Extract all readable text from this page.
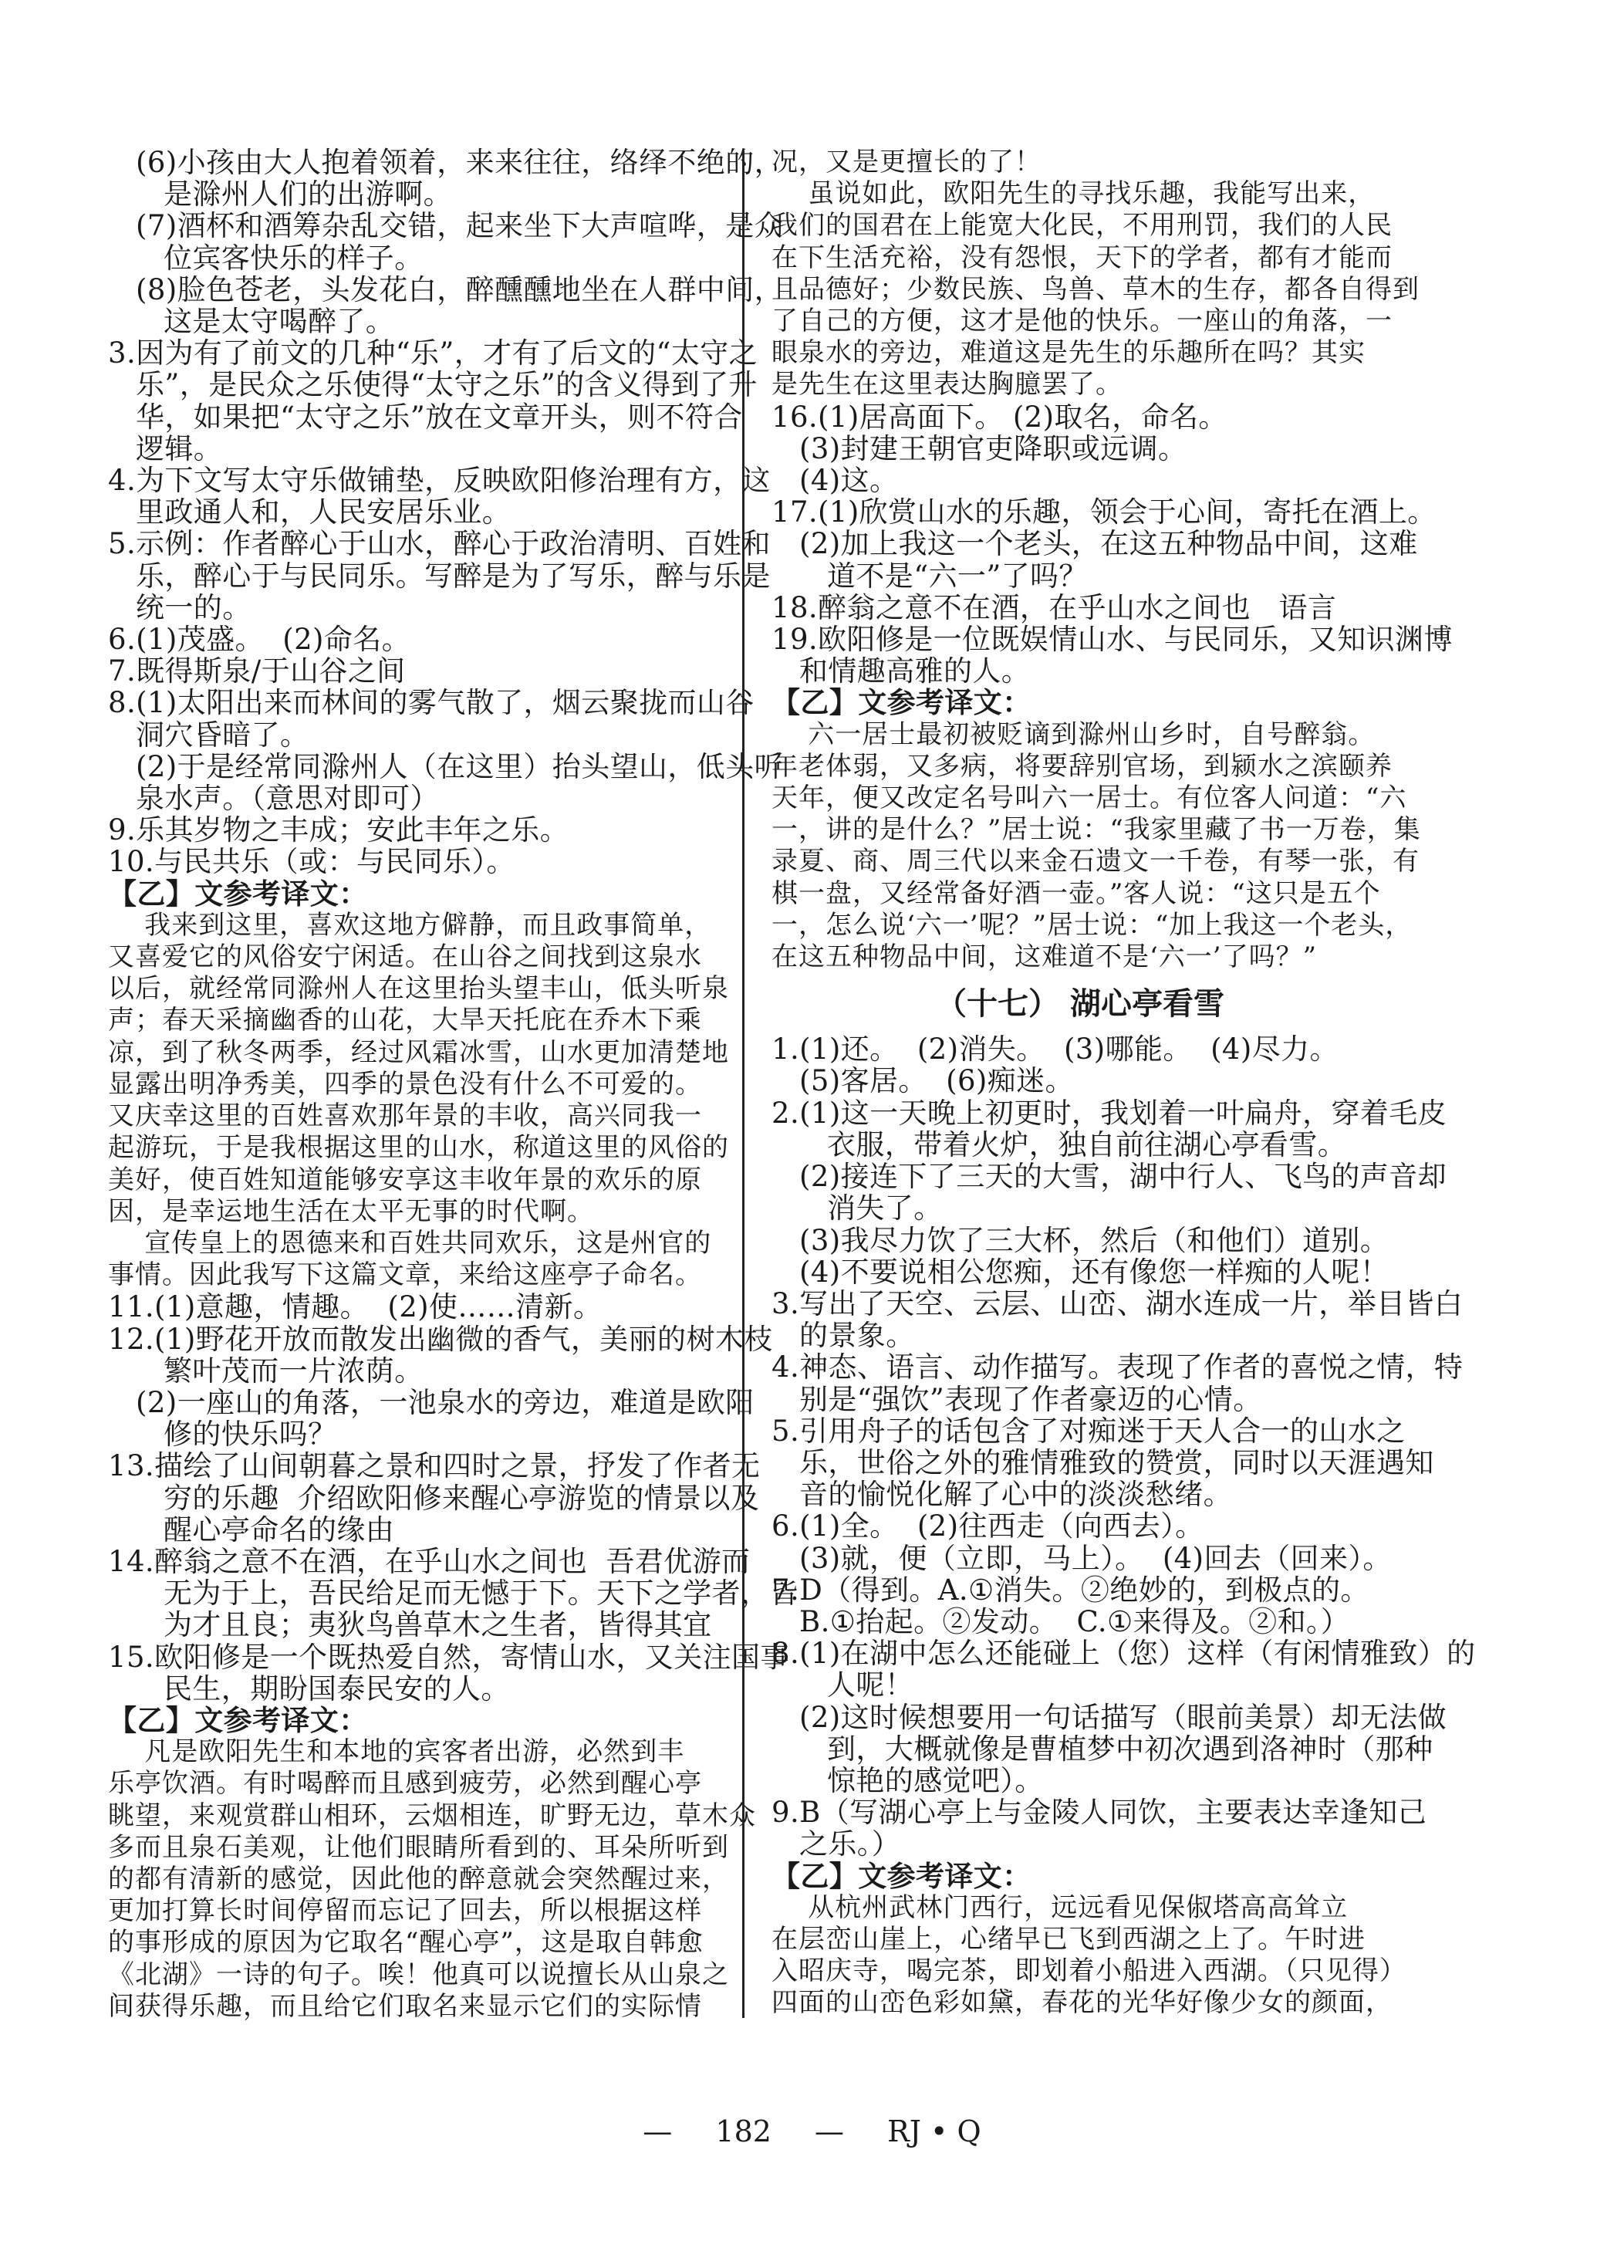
(6)小孩由大人抱着领着，来来往往，络绎不绝的，
是滁州人们的出游啊。
(7)酒杯和酒筹杂乱交错，起来坐下大声喧哗，是众
位宾客快乐的样子。
(8)脸色苍老，头发花白，醉醺醺地坐在人群中间，
这是太守喝醉了。
3.因为有了前文的几种“乐”，才有了后文的“太守之
乐”，是民众之乐使得“太守之乐”的含义得到了升
华，如果把“太守之乐”放在文章开头，则不符合
逻辑。
4.为下文写太守乐做铺垫，反映欧阳修治理有方，这
里政通人和，人民安居乐业。
5.示例：作者醉心于山水，醉心于政治清明、百姓和
乐，醉心于与民同乐。写醉是为了写乐，醉与乐是
统一的。
6.(1)茂盛。  (2)命名。
7.既得斯泉/于山谷之间
8.(1)太阳出来而林间的雾气散了，烟云聚拢而山谷
洞穴昏暗了。
(2)于是经常同滁州人（在这里）抬头望山，低头听
泉水声。（意思对即可）
9.乐其岁物之丰成；安此丰年之乐。
10.与民共乐（或：与民同乐）。
【乙】文参考译文：
我来到这里，喜欢这地方僻静，而且政事简单，
又喜爱它的风俗安宁闲适。在山谷之间找到这泉水
以后，就经常同滁州人在这里抬头望丰山，低头听泉
声；春天采摘幽香的山花，大旱天托庇在乔木下乘
凉，到了秋冬两季，经过风霜冰雪，山水更加清楚地
显露出明净秀美，四季的景色没有什么不可爱的。
又庆幸这里的百姓喜欢那年景的丰收，高兴同我一
起游玩，于是我根据这里的山水，称道这里的风俗的
美好，使百姓知道能够安享这丰收年景的欢乐的原
因，是幸运地生活在太平无事的时代啊。
宣传皇上的恩德来和百姓共同欢乐，这是州官的
事情。因此我写下这篇文章，来给这座亭子命名。
11.(1)意趣，情趣。  (2)使……清新。
12.(1)野花开放而散发出幽微的香气，美丽的树木枝
繁叶茂而一片浓荫。
(2)一座山的角落，一池泉水的旁边，难道是欧阳
修的快乐吗？
13.描绘了山间朝暮之景和四时之景，抒发了作者无
穷的乐趣  介绍欧阳修来醒心亭游览的情景以及
醒心亭命名的缘由
14.醉翁之意不在酒，在乎山水之间也  吾君优游而
无为于上，吾民给足而无憾于下。天下之学者，皆
为才且良；夷狄鸟兽草木之生者，皆得其宜
15.欧阳修是一个既热爱自然，寄情山水，又关注国事
民生，期盼国泰民安的人。
【乙】文参考译文：
凡是欧阳先生和本地的宾客者出游，必然到丰
乐亭饮酒。有时喝醉而且感到疲劳，必然到醒心亭
眺望，来观赏群山相环，云烟相连，旷野无边，草木众
多而且泉石美观，让他们眼睛所看到的、耳朵所听到
的都有清新的感觉，因此他的醉意就会突然醒过来，
更加打算长时间停留而忘记了回去，所以根据这样
的事形成的原因为它取名“醒心亭”，这是取自韩愈
《北湖》一诗的句子。唉！他真可以说擅长从山泉之
间获得乐趣，而且给它们取名来显示它们的实际情
况，又是更擅长的了！
虽说如此，欧阳先生的寻找乐趣，我能写出来，
我们的国君在上能宽大化民，不用刑罚，我们的人民
在下生活充裕，没有怨恨，天下的学者，都有才能而
且品德好；少数民族、鸟兽、草木的生存，都各自得到
了自己的方便，这才是他的快乐。一座山的角落，一
眼泉水的旁边，难道这是先生的乐趣所在吗？其实
是先生在这里表达胸臆罢了。
16.(1)居高面下。 (2)取名，命名。
(3)封建王朝官吏降职或远调。
(4)这。
17.(1)欣赏山水的乐趣，领会于心间，寄托在酒上。
(2)加上我这一个老头，在这五种物品中间，这难
道不是“六一”了吗？
18.醉翁之意不在酒，在乎山水之间也   语言
19.欧阳修是一位既娱情山水、与民同乐，又知识渊博
和情趣高雅的人。
【乙】文参考译文：
六一居士最初被贬谪到滁州山乡时，自号醉翁。
年老体弱，又多病，将要辞别官场，到颍水之滨颐养
天年，便又改定名号叫六一居士。有位客人问道：“六
一，讲的是什么？”居士说：“我家里藏了书一万卷，集
录夏、商、周三代以来金石遗文一千卷，有琴一张，有
棋一盘，又经常备好酒一壶。”客人说：“这只是五个
一，怎么说‘六一’呢？”居士说：“加上我这一个老头，
在这五种物品中间，这难道不是‘六一’了吗？”
（十七） 湖心亭看雪
1.(1)还。  (2)消失。  (3)哪能。  (4)尽力。
(5)客居。  (6)痴迷。
2.(1)这一天晚上初更时，我划着一叶扁舟，穿着毛皮
衣服，带着火炉，独自前往湖心亭看雪。
(2)接连下了三天的大雪，湖中行人、飞鸟的声音却
消失了。
(3)我尽力饮了三大杯，然后（和他们）道别。
(4)不要说相公您痴，还有像您一样痴的人呢！
3.写出了天空、云层、山峦、湖水连成一片，举目皆白
的景象。
4.神态、语言、动作描写。表现了作者的喜悦之情，特
别是“强饮”表现了作者豪迈的心情。
5.引用舟子的话包含了对痴迷于天人合一的山水之
乐，世俗之外的雅情雅致的赞赏，同时以天涯遇知
音的愉悦化解了心中的淡淡愁绪。
6.(1)全。  (2)往西走（向西去）。
(3)就，便（立即，马上）。  (4)回去（回来）。
7.D（得到。A.①消失。②绝妙的，到极点的。
B.①抬起。②发动。  C.①来得及。②和。）
8.(1)在湖中怎么还能碰上（您）这样（有闲情雅致）的
人呢！
(2)这时候想要用一句话描写（眼前美景）却无法做
到，大概就像是曹植梦中初次遇到洛神时（那种
惊艳的感觉吧）。
9.B（写湖心亭上与金陵人同饮，主要表达幸逢知己
之乐。）
【乙】文参考译文：
从杭州武林门西行，远远看见保俶塔高高耸立
在层峦山崖上，心绪早已飞到西湖之上了。午时进
入昭庆寺，喝完茶，即划着小船进入西湖。（只见得）
四面的山峦色彩如黛，春花的光华好像少女的颜面，
— 182 — RJ • Q
